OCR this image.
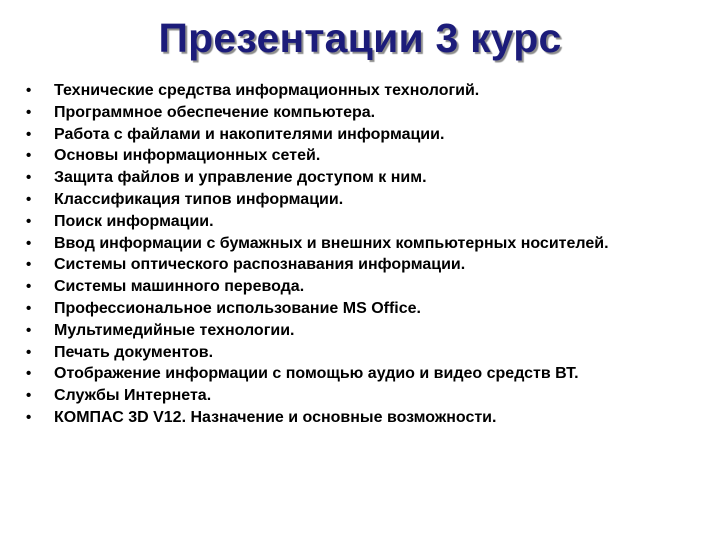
Презентации 3 курс
•	Технические средства информационных технологий.
•	Программное обеспечение компьютера.
•	Работа с файлами и накопителями информации.
•	Основы информационных сетей.
•	Защита файлов и управление доступом к ним.
•	Классификация типов информации.
•	Поиск информации.
•	Ввод информации с бумажных и внешних компьютерных носителей.
•	Системы оптического распознавания информации.
•	Системы машинного перевода.
•	Профессиональное использование MS Office.
•	Мультимедийные технологии.
•	Печать документов.
•	Отображение информации с помощью аудио и видео средств ВТ.
•	Службы Интернета.
•	КОМПАС 3D V12. Назначение и основные возможности.
